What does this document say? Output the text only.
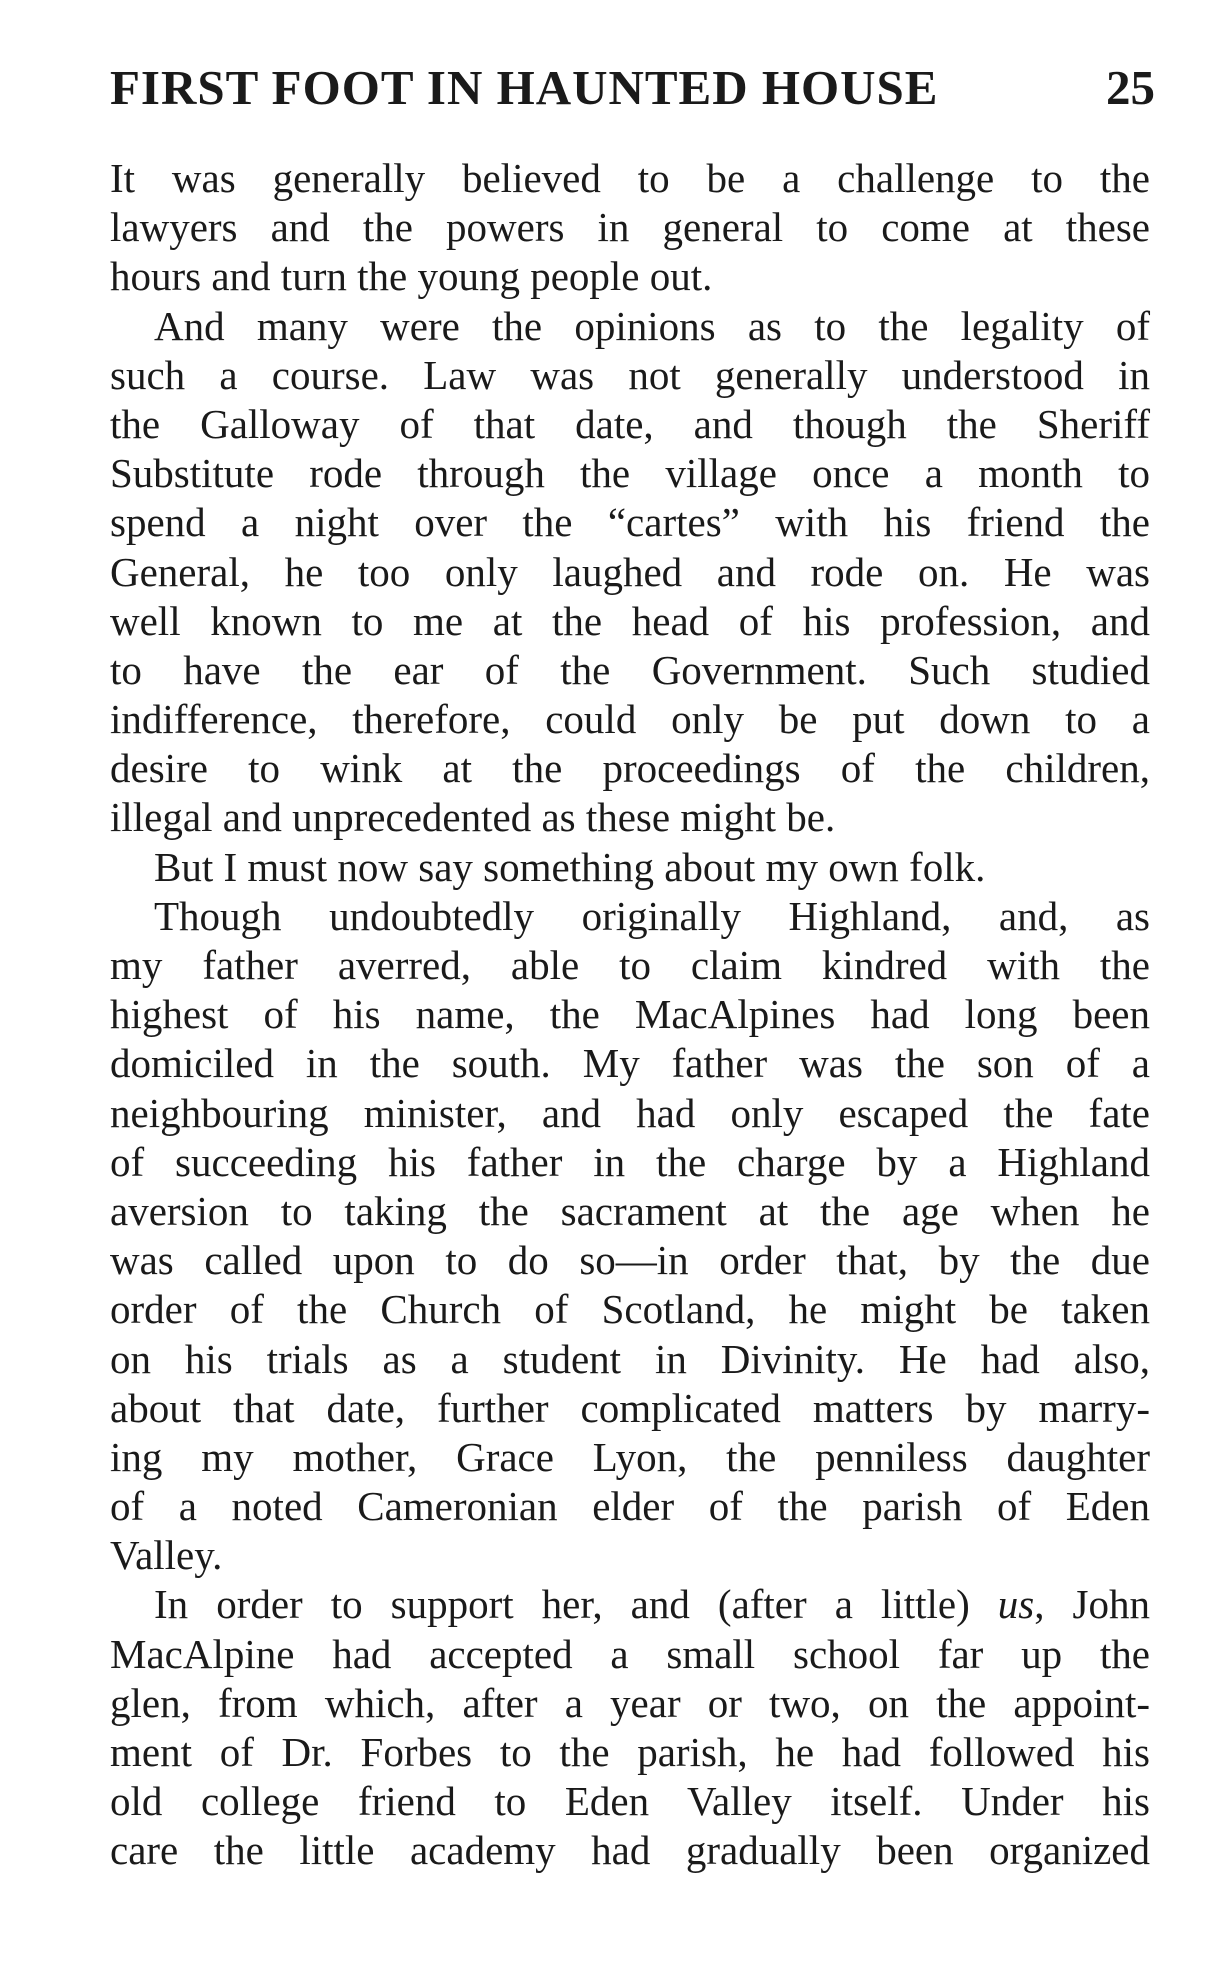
FIRST FOOT IN HAUNTED HOUSE	25
It was generally believed to be a challenge to the
lawyers and the powers in general to come at these
hours and turn the young people out.
And many were the opinions as to the legality of
such a course. Law was not generally understood in
the Galloway of that date, and though the Sheriff
Substitute rode through the village once a month to
spend a night over the “cartes” with his friend the
General, he too only laughed and rode on. He was
well known to me at the head of his profession, and
to have the ear of the Government. Such studied
indifference, therefore, could only be put down to a
desire to wink at the proceedings of the children,
illegal and unprecedented as these might be.
But I must now say something about my own folk.
Though undoubtedly originally Highland, and, as
my father averred, able to claim kindred with the
highest of his name, the MacAlpines had long been
domiciled in the south. My father was the son of a
neighbouring minister, and had only escaped the fate
of succeeding his father in the charge by a Highland
aversion to taking the sacrament at the age when he
was called upon to do so—in order that, by the due
order of the Church of Scotland, he might be taken
on his trials as a student in Divinity. He had also,
about that date, further complicated matters by marry-
ing my mother, Grace Lyon, the penniless daughter
of a noted Cameronian elder of the parish of Eden
Valley.
In order to support her, and (after a little) us, John
MacAlpine had accepted a small school far up the
glen, from which, after a year or two, on the appoint-
ment of Dr. Forbes to the parish, he had followed his
old college friend to Eden Valley itself. Under his
care the little academy had gradually been organized
